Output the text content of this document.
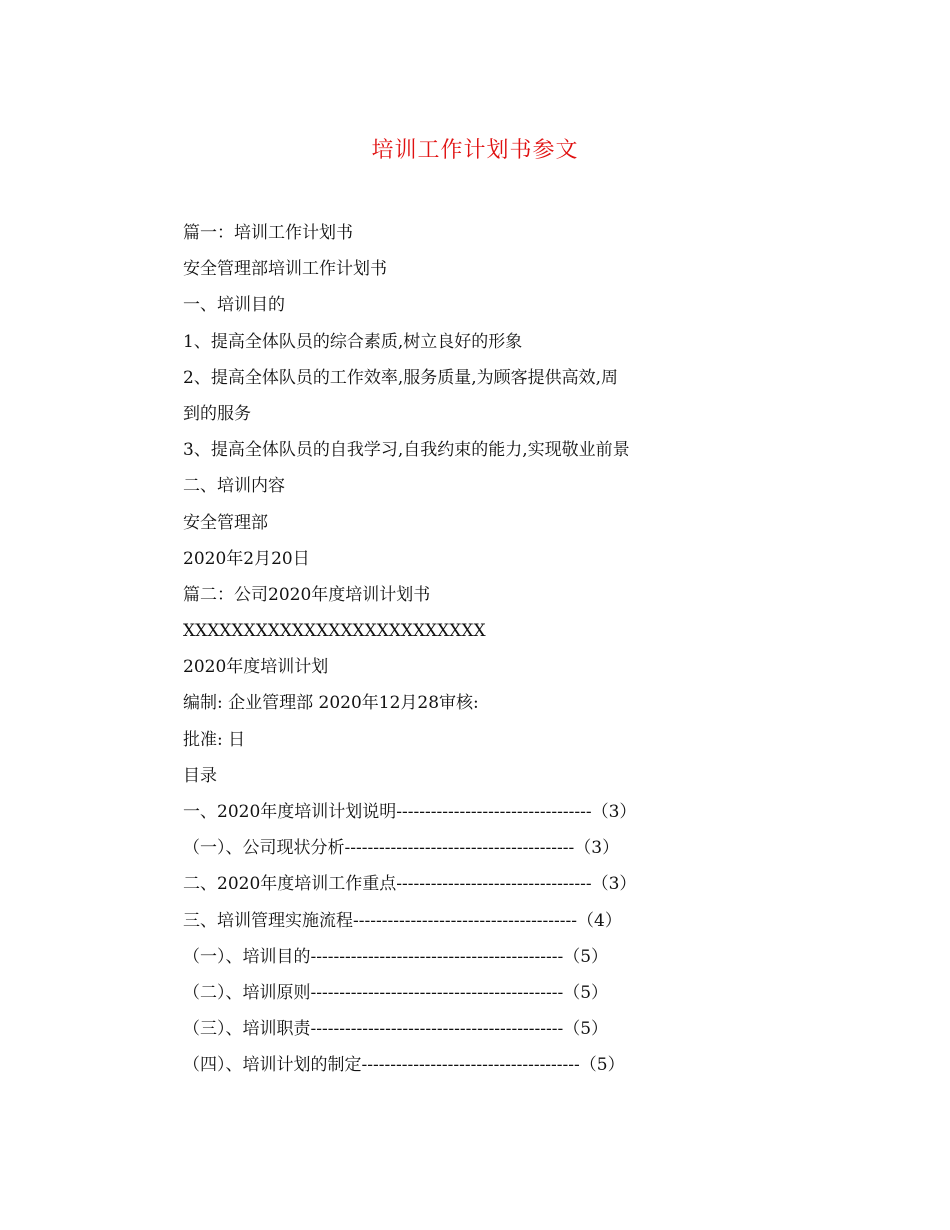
培训工作计划书参文
篇一：培训工作计划书
安全管理部培训工作计划书
一、培训目的
1、提高全体队员的综合素质,树立良好的形象
2、提高全体队员的工作效率,服务质量,为顾客提供高效,周
到的服务
3、提高全体队员的自我学习,自我约束的能力,实现敬业前景
二、培训内容
安全管理部
2020年2月20日
篇二：公司2020年度培训计划书
XXXXXXXXXXXXXXXXXXXXXXXXX
2020年度培训计划
编制: 企业管理部 2020年12月28审核:
批准: 日
目录
一、2020年度培训计划说明----------------------------------（3）
（一）、公司现状分析----------------------------------------（3）
二、2020年度培训工作重点----------------------------------（3）
三、培训管理实施流程---------------------------------------（4）
（一）、培训目的--------------------------------------------（5）
（二）、培训原则--------------------------------------------（5）
（三）、培训职责--------------------------------------------（5）
（四）、培训计划的制定--------------------------------------（5）
